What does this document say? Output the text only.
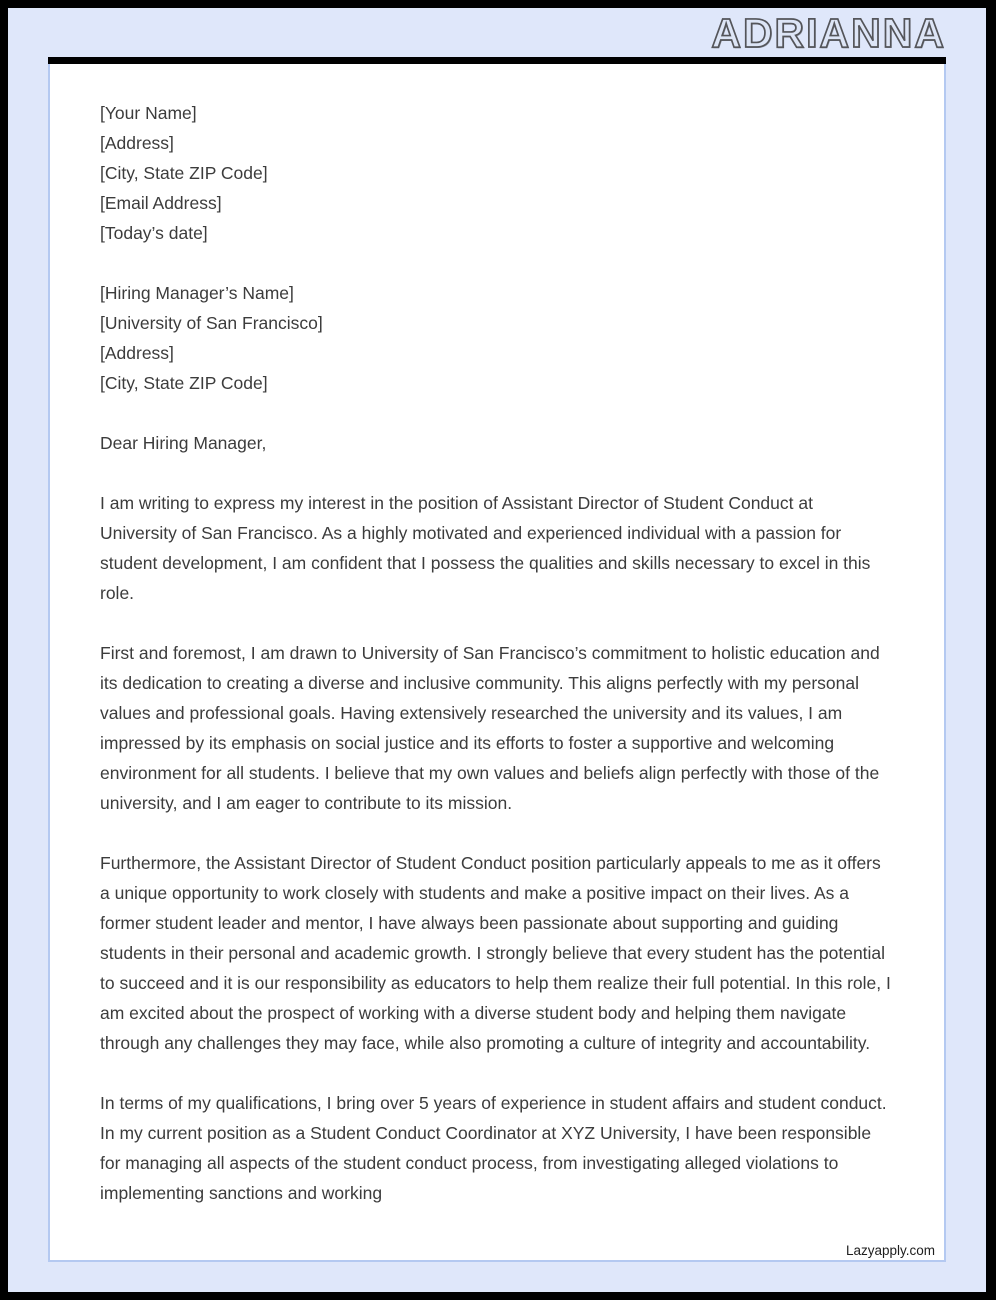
ADRIANNA
[Your Name]
[Address]
[City, State ZIP Code]
[Email Address]
[Today’s date]
[Hiring Manager’s Name]
[University of San Francisco]
[Address]
[City, State ZIP Code]
Dear Hiring Manager,

I am writing to express my interest in the position of Assistant Director of Student Conduct at University of San Francisco. As a highly motivated and experienced individual with a passion for student development, I am confident that I possess the qualities and skills necessary to excel in this role.

First and foremost, I am drawn to University of San Francisco’s commitment to holistic education and its dedication to creating a diverse and inclusive community. This aligns perfectly with my personal values and professional goals. Having extensively researched the university and its values, I am impressed by its emphasis on social justice and its efforts to foster a supportive and welcoming environment for all students. I believe that my own values and beliefs align perfectly with those of the university, and I am eager to contribute to its mission.

Furthermore, the Assistant Director of Student Conduct position particularly appeals to me as it offers a unique opportunity to work closely with students and make a positive impact on their lives. As a former student leader and mentor, I have always been passionate about supporting and guiding students in their personal and academic growth. I strongly believe that every student has the potential to succeed and it is our responsibility as educators to help them realize their full potential. In this role, I am excited about the prospect of working with a diverse student body and helping them navigate through any challenges they may face, while also promoting a culture of integrity and accountability.

In terms of my qualifications, I bring over 5 years of experience in student affairs and student conduct. In my current position as a Student Conduct Coordinator at XYZ University, I have been responsible for managing all aspects of the student conduct process, from investigating alleged violations to implementing sanctions and working

Lazyapply.com
